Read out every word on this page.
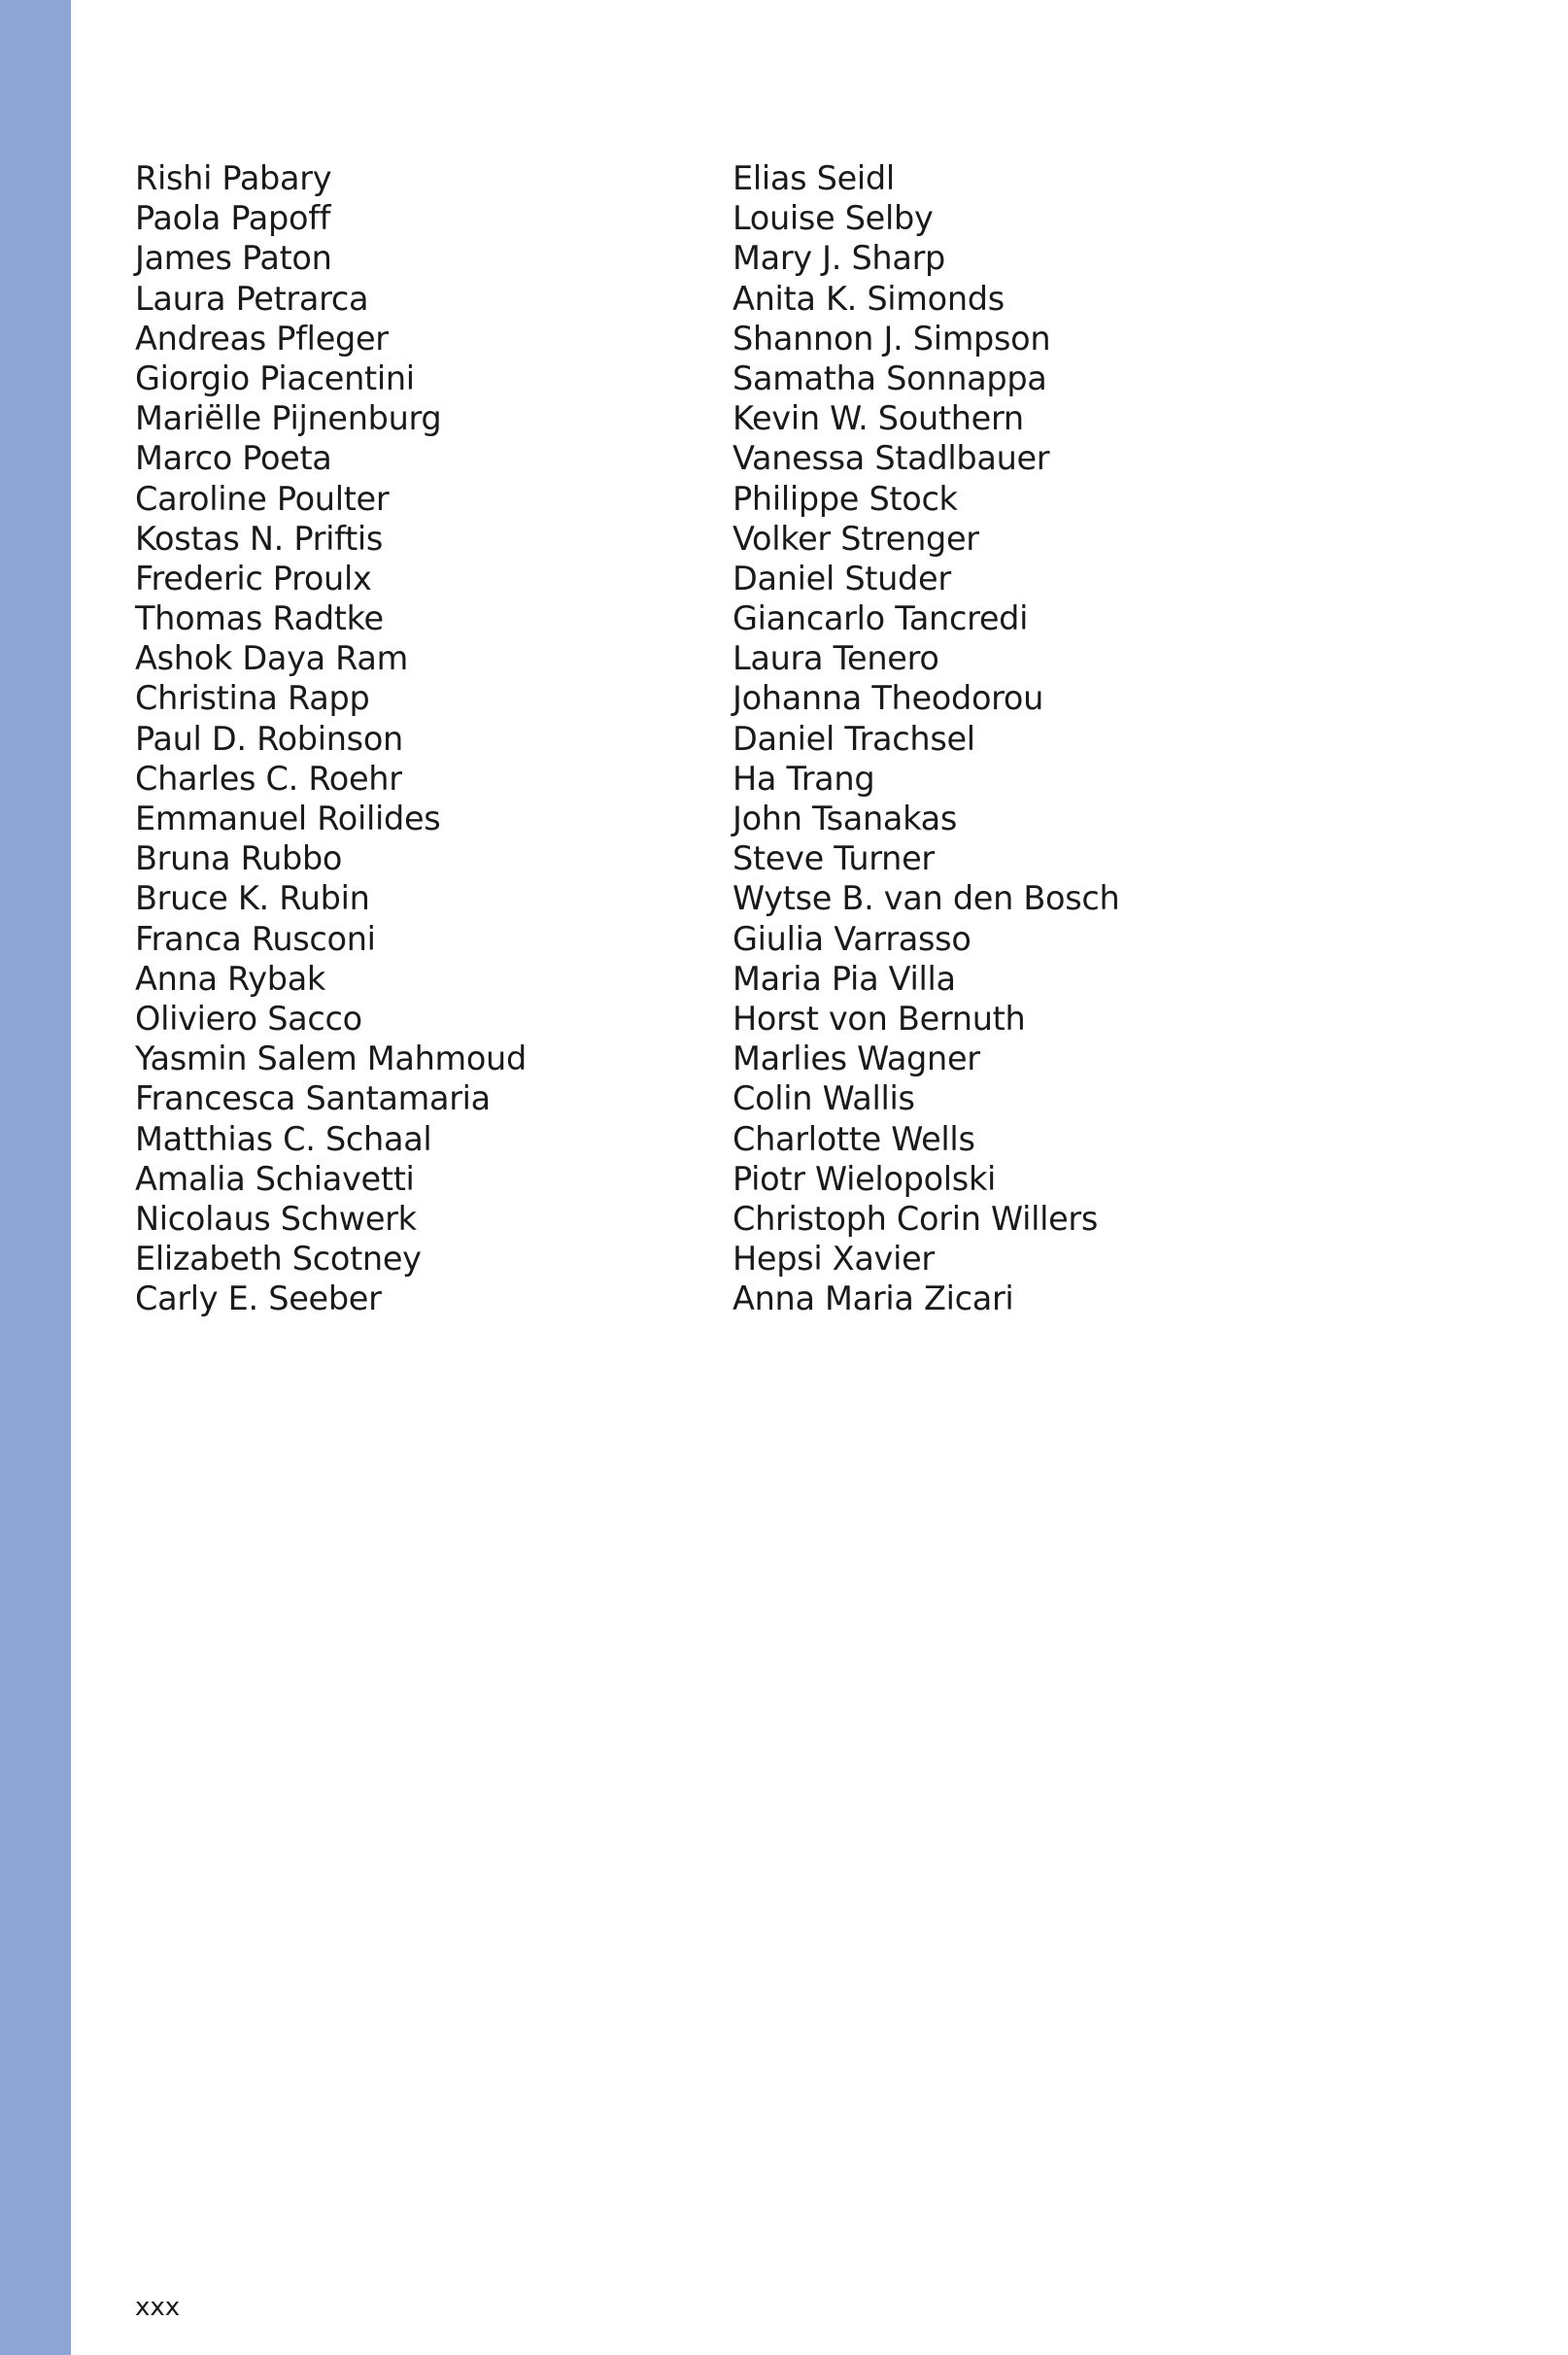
Rishi Pabary
Paola Papoff
James Paton
Laura Petrarca
Andreas Pfleger
Giorgio Piacentini
Mariëlle Pijnenburg
Marco Poeta
Caroline Poulter
Kostas N. Priftis
Frederic Proulx
Thomas Radtke
Ashok Daya Ram
Christina Rapp
Paul D. Robinson
Charles C. Roehr
Emmanuel Roilides
Bruna Rubbo
Bruce K. Rubin
Franca Rusconi
Anna Rybak
Oliviero Sacco
Yasmin Salem Mahmoud
Francesca Santamaria
Matthias C. Schaal
Amalia Schiavetti
Nicolaus Schwerk
Elizabeth Scotney
Carly E. Seeber
Elias Seidl
Louise Selby
Mary J. Sharp
Anita K. Simonds
Shannon J. Simpson
Samatha Sonnappa
Kevin W. Southern
Vanessa Stadlbauer
Philippe Stock
Volker Strenger
Daniel Studer
Giancarlo Tancredi
Laura Tenero
Johanna Theodorou
Daniel Trachsel
Ha Trang
John Tsanakas
Steve Turner
Wytse B. van den Bosch
Giulia Varrasso
Maria Pia Villa
Horst von Bernuth
Marlies Wagner
Colin Wallis
Charlotte Wells
Piotr Wielopolski
Christoph Corin Willers
Hepsi Xavier
Anna Maria Zicari
xxx
